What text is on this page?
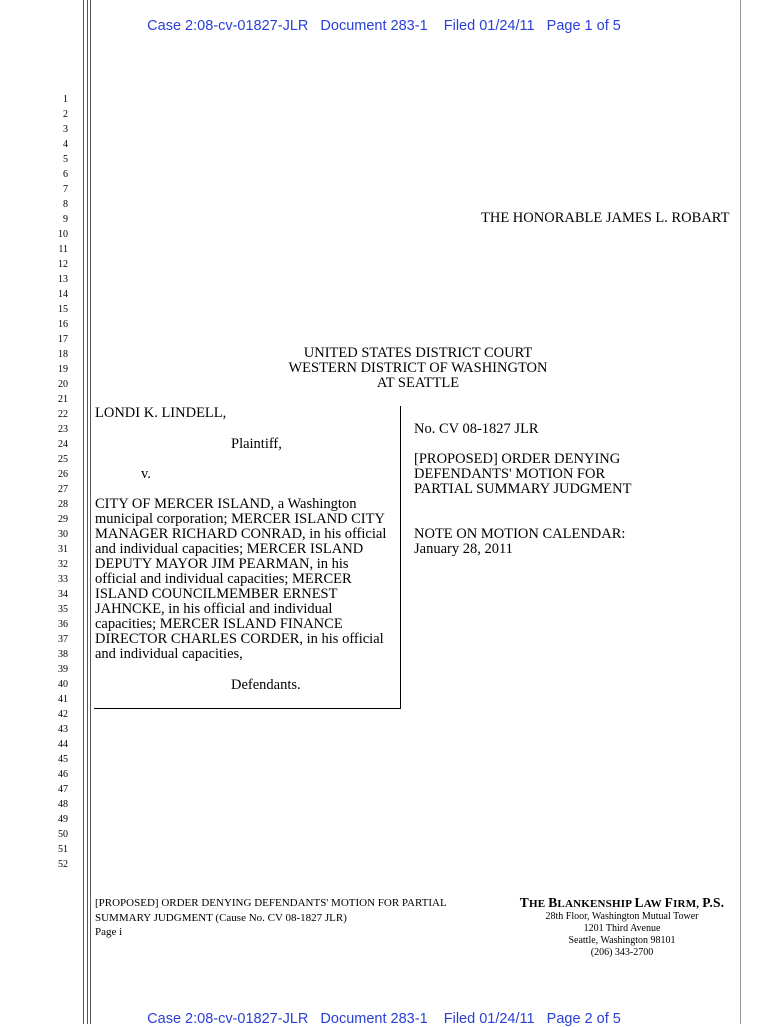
Case 2:08-cv-01827-JLR   Document 283-1    Filed 01/24/11   Page 1 of 5
1
2
3
4
5
6
7
8
9
10
11
12
13
14
15
16
17
18
19
20
21
22
23
24
25
26
27
28
29
30
31
32
33
34
35
36
37
38
39
40
41
42
43
44
45
46
47
48
49
50
51
52
THE HONORABLE JAMES L. ROBART
UNITED STATES DISTRICT COURT
WESTERN DISTRICT OF WASHINGTON
AT SEATTLE
LONDI K. LINDELL,
Plaintiff,
v.
CITY OF MERCER ISLAND, a Washington
municipal corporation; MERCER ISLAND CITY
MANAGER RICHARD CONRAD, in his official
and individual capacities; MERCER ISLAND
DEPUTY MAYOR JIM PEARMAN, in his
official and individual capacities; MERCER
ISLAND COUNCILMEMBER ERNEST
JAHNCKE, in his official and individual
capacities; MERCER ISLAND FINANCE
DIRECTOR CHARLES CORDER, in his official
and individual capacities,
Defendants.
No. CV 08-1827 JLR
[PROPOSED] ORDER DENYING
DEFENDANTS' MOTION FOR
PARTIAL SUMMARY JUDGMENT
NOTE ON MOTION CALENDAR:
January 28, 2011
[PROPOSED] ORDER DENYING DEFENDANTS' MOTION FOR PARTIAL
SUMMARY JUDGMENT (Cause No. CV 08-1827 JLR)
Page i
THE BLANKENSHIP LAW FIRM, P.S.
28th Floor, Washington Mutual Tower
1201 Third Avenue
Seattle, Washington 98101
(206) 343-2700
Case 2:08-cv-01827-JLR   Document 283-1    Filed 01/24/11   Page 2 of 5
